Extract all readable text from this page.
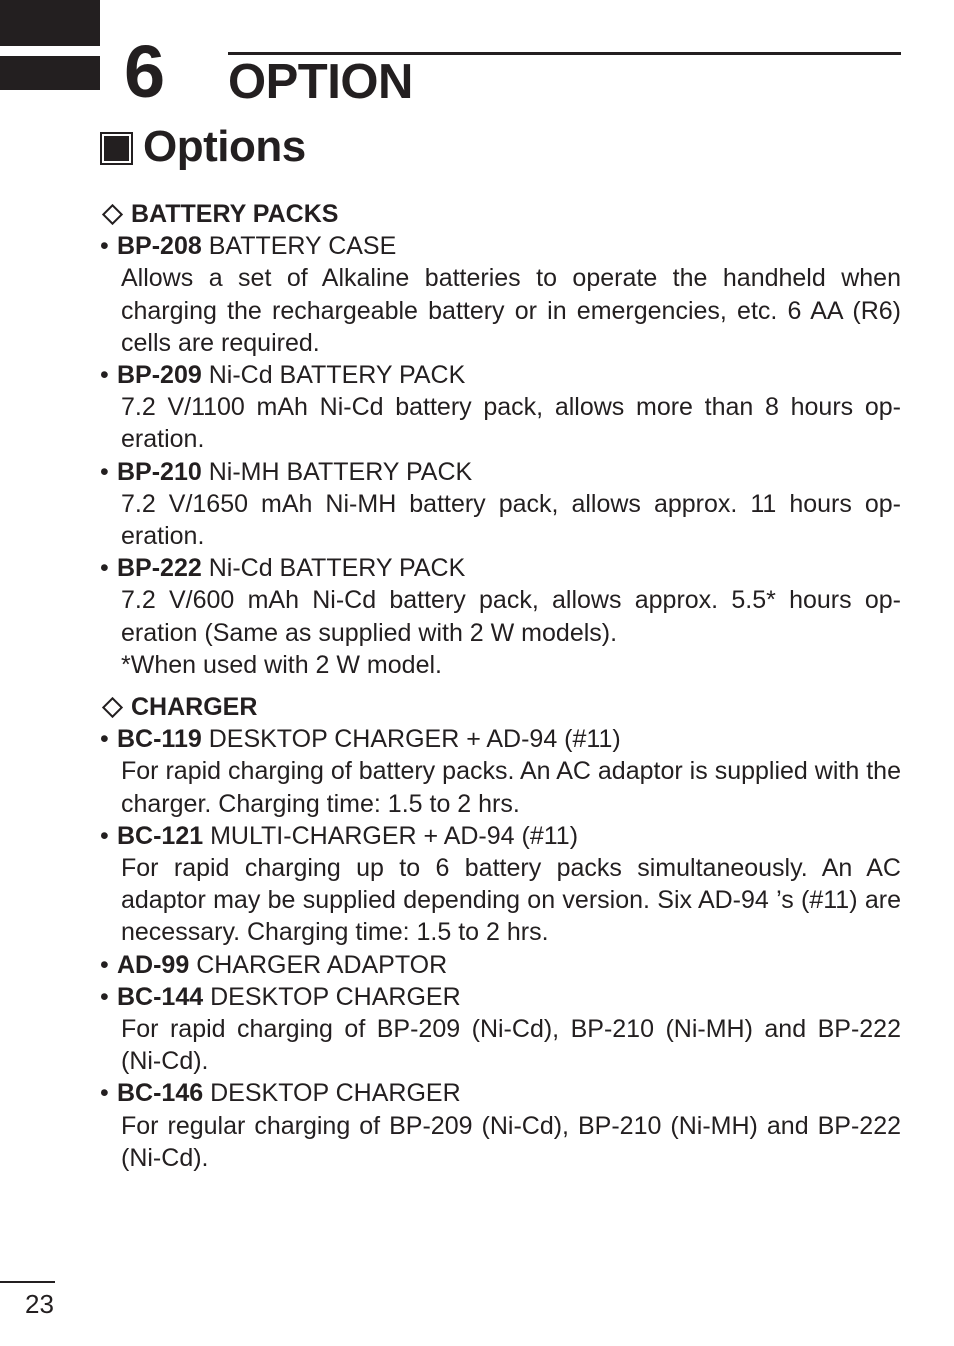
6 OPTION
Options

BATTERY PACKS

• BP-208 BATTERY CASE

Allows a set of Alkaline batteries to operate the handheld when charging the rechargeable battery or in emergencies, etc. 6 AA (R6) cells are required.

• BP-209 Ni-Cd BATTERY PACK

7.2 V/1100 mAh Ni-Cd battery pack, allows more than 8 hours op-eration.

• BP-210 Ni-MH BATTERY PACK

7.2 V/1650 mAh Ni-MH battery pack, allows approx. 11 hours op-eration.

• BP-222 Ni-Cd BATTERY PACK

7.2 V/600 mAh Ni-Cd battery pack, allows approx. 5.5* hours op-eration (Same as supplied with 2 W models).

*When used with 2 W model.

CHARGER

• BC-119 DESKTOP CHARGER + AD-94 (#11)

For rapid charging of battery packs. An AC adaptor is supplied with the charger. Charging time: 1.5 to 2 hrs.

• BC-121 MULTI-CHARGER + AD-94 (#11)

For rapid charging up to 6 battery packs simultaneously. An AC adaptor may be supplied depending on version. Six AD-94 ’s (#11) are necessary. Charging time: 1.5 to 2 hrs.

• AD-99 CHARGER ADAPTOR

• BC-144 DESKTOP CHARGER

For rapid charging of BP-209 (Ni-Cd), BP-210 (Ni-MH) and BP-222 (Ni-Cd).

• BC-146 DESKTOP CHARGER

For regular charging of BP-209 (Ni-Cd), BP-210 (Ni-MH) and BP-222 (Ni-Cd).

23
